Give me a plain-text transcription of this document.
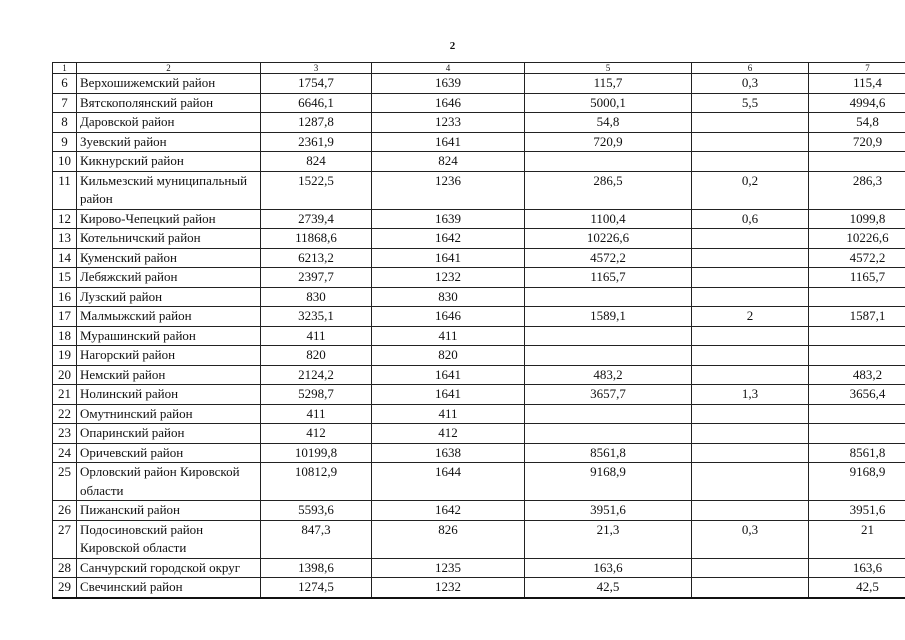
2
1	2	3	4	5	6	7
6	Верхошижемский район	1754,7	1639	115,7	0,3	115,4
7	Вятскополянский район	6646,1	1646	5000,1	5,5	4994,6
8	Даровской район	1287,8	1233	54,8		54,8
9	Зуевский район	2361,9	1641	720,9		720,9
10	Кикнурский район	824	824			
11	Кильмезский муниципальный район	1522,5	1236	286,5	0,2	286,3
12	Кирово-Чепецкий район	2739,4	1639	1100,4	0,6	1099,8
13	Котельничский район	11868,6	1642	10226,6		10226,6
14	Куменский район	6213,2	1641	4572,2		4572,2
15	Лебяжский район	2397,7	1232	1165,7		1165,7
16	Лузский район	830	830			
17	Малмыжский район	3235,1	1646	1589,1	2	1587,1
18	Мурашинский район	411	411			
19	Нагорский район	820	820			
20	Немский район	2124,2	1641	483,2		483,2
21	Нолинский район	5298,7	1641	3657,7	1,3	3656,4
22	Омутнинский район	411	411			
23	Опаринский район	412	412			
24	Оричевский район	10199,8	1638	8561,8		8561,8
25	Орловский район Кировской области	10812,9	1644	9168,9		9168,9
26	Пижанский район	5593,6	1642	3951,6		3951,6
27	Подосиновский район Кировской области	847,3	826	21,3	0,3	21
28	Санчурский городской округ	1398,6	1235	163,6		163,6
29	Свечинский район	1274,5	1232	42,5		42,5
